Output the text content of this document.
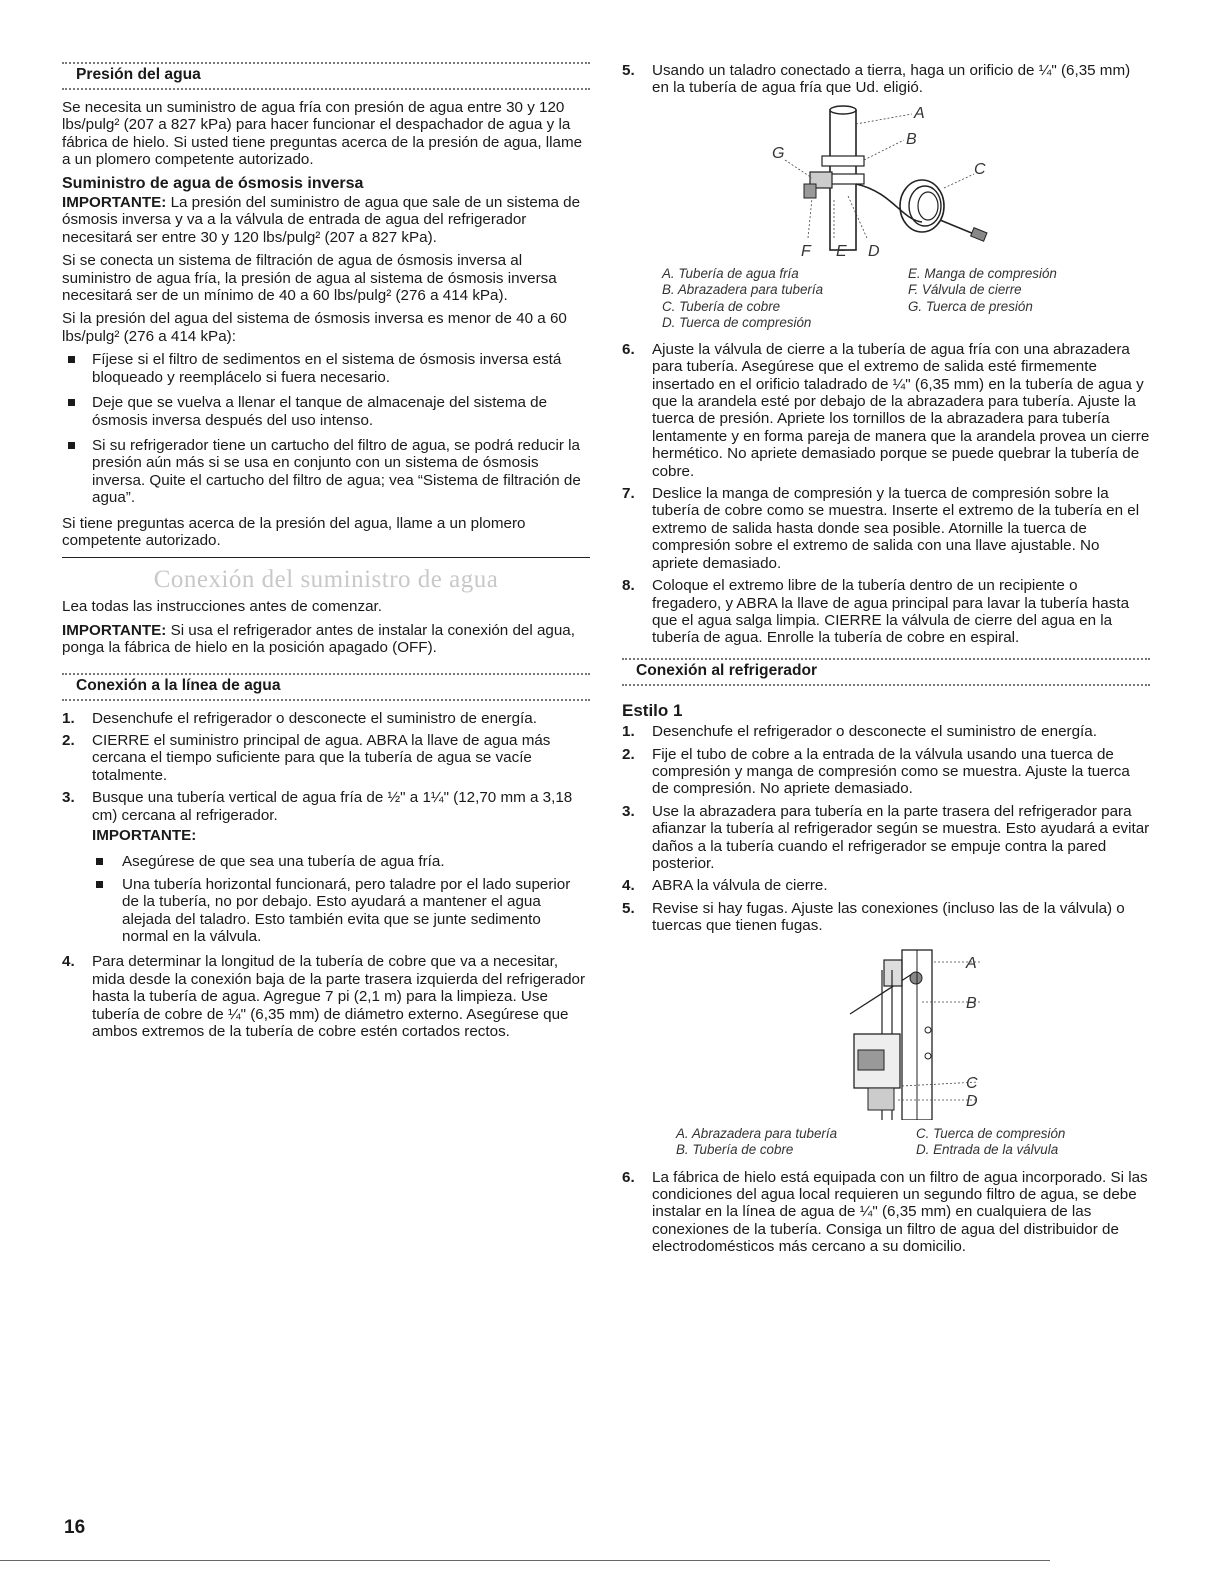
Presión del agua

Se necesita un suministro de agua fría con presión de agua entre 30 y 120 lbs/pulg² (207 a 827 kPa) para hacer funcionar el despachador de agua y la fábrica de hielo. Si usted tiene preguntas acerca de la presión de agua, llame a un plomero competente autorizado.

Suministro de agua de ósmosis inversa

IMPORTANTE: La presión del suministro de agua que sale de un sistema de ósmosis inversa y va a la válvula de entrada de agua del refrigerador necesitará ser entre 30 y 120 lbs/pulg² (207 a 827 kPa).

Si se conecta un sistema de filtración de agua de ósmosis inversa al suministro de agua fría, la presión de agua al sistema de ósmosis inversa necesitará ser de un mínimo de 40 a 60 lbs/pulg² (276 a 414 kPa).

Si la presión del agua del sistema de ósmosis inversa es menor de 40 a 60 lbs/pulg² (276 a 414 kPa):

Fíjese si el filtro de sedimentos en el sistema de ósmosis inversa está bloqueado y reemplácelo si fuera necesario.
Deje que se vuelva a llenar el tanque de almacenaje del sistema de ósmosis inversa después del uso intenso.
Si su refrigerador tiene un cartucho del filtro de agua, se podrá reducir la presión aún más si se usa en conjunto con un sistema de ósmosis inversa. Quite el cartucho del filtro de agua; vea “Sistema de filtración de agua”.

Si tiene preguntas acerca de la presión del agua, llame a un plomero competente autorizado.

Conexión del suministro de agua

Lea todas las instrucciones antes de comenzar.

IMPORTANTE: Si usa el refrigerador antes de instalar la conexión del agua, ponga la fábrica de hielo en la posición apagado (OFF).

Conexión a la línea de agua
1. Desenchufe el refrigerador o desconecte el suministro de energía.
2. CIERRE el suministro principal de agua. ABRA la llave de agua más cercana el tiempo suficiente para que la tubería de agua se vacíe totalmente.
3. Busque una tubería vertical de agua fría de ½" a 1¼" (12,70 mm a 3,18 cm) cercana al refrigerador.
IMPORTANTE:
Asegúrese de que sea una tubería de agua fría.
Una tubería horizontal funcionará, pero taladre por el lado superior de la tubería, no por debajo. Esto ayudará a mantener el agua alejada del taladro. Esto también evita que se junte sedimento normal en la válvula.
4. Para determinar la longitud de la tubería de cobre que va a necesitar, mida desde la conexión baja de la parte trasera izquierda del refrigerador hasta la tubería de agua. Agregue 7 pi (2,1 m) para la limpieza. Use tubería de cobre de ¼" (6,35 mm) de diámetro externo. Asegúrese que ambos extremos de la tubería de cobre estén cortados rectos.
5. Usando un taladro conectado a tierra, haga un orificio de ¼" (6,35 mm) en la tubería de agua fría que Ud. eligió.
A
B
C
G
F E D
A. Tubería de agua fría	E. Manga de compresión
B. Abrazadera para tubería	F. Válvula de cierre
C. Tubería de cobre	G. Tuerca de presión
D. Tuerca de compresión
6. Ajuste la válvula de cierre a la tubería de agua fría con una abrazadera para tubería. Asegúrese que el extremo de salida esté firmemente insertado en el orificio taladrado de ¼" (6,35 mm) en la tubería de agua y que la arandela esté por debajo de la abrazadera para tubería. Ajuste la tuerca de presión. Apriete los tornillos de la abrazadera para tubería lentamente y en forma pareja de manera que la arandela provea un cierre hermético. No apriete demasiado porque se puede quebrar la tubería de cobre.
7. Deslice la manga de compresión y la tuerca de compresión sobre la tubería de cobre como se muestra. Inserte el extremo de la tubería en el extremo de salida hasta donde sea posible. Atornille la tuerca de compresión sobre el extremo de salida con una llave ajustable. No apriete demasiado.
8. Coloque el extremo libre de la tubería dentro de un recipiente o fregadero, y ABRA la llave de agua principal para lavar la tubería hasta que el agua salga limpia. CIERRE la válvula de cierre del agua en la tubería de agua. Enrolle la tubería de cobre en espiral.
Conexión al refrigerador

Estilo 1

1. Desenchufe el refrigerador o desconecte el suministro de energía.
2. Fije el tubo de cobre a la entrada de la válvula usando una tuerca de compresión y manga de compresión como se muestra. Ajuste la tuerca de compresión. No apriete demasiado.
3. Use la abrazadera para tubería en la parte trasera del refrigerador para afianzar la tubería al refrigerador según se muestra. Esto ayudará a evitar daños a la tubería cuando el refrigerador se empuje contra la pared posterior.
4. ABRA la válvula de cierre.
5. Revise si hay fugas. Ajuste las conexiones (incluso las de la válvula) o tuercas que tienen fugas.
A
B
C
D
A. Abrazadera para tubería	C. Tuerca de compresión
B. Tubería de cobre	D. Entrada de la válvula
6. La fábrica de hielo está equipada con un filtro de agua incorporado. Si las condiciones del agua local requieren un segundo filtro de agua, se debe instalar en la línea de agua de ¼" (6,35 mm) en cualquiera de las conexiones de la tubería. Consiga un filtro de agua del distribuidor de electrodomésticos más cercano a su domicilio.
16
